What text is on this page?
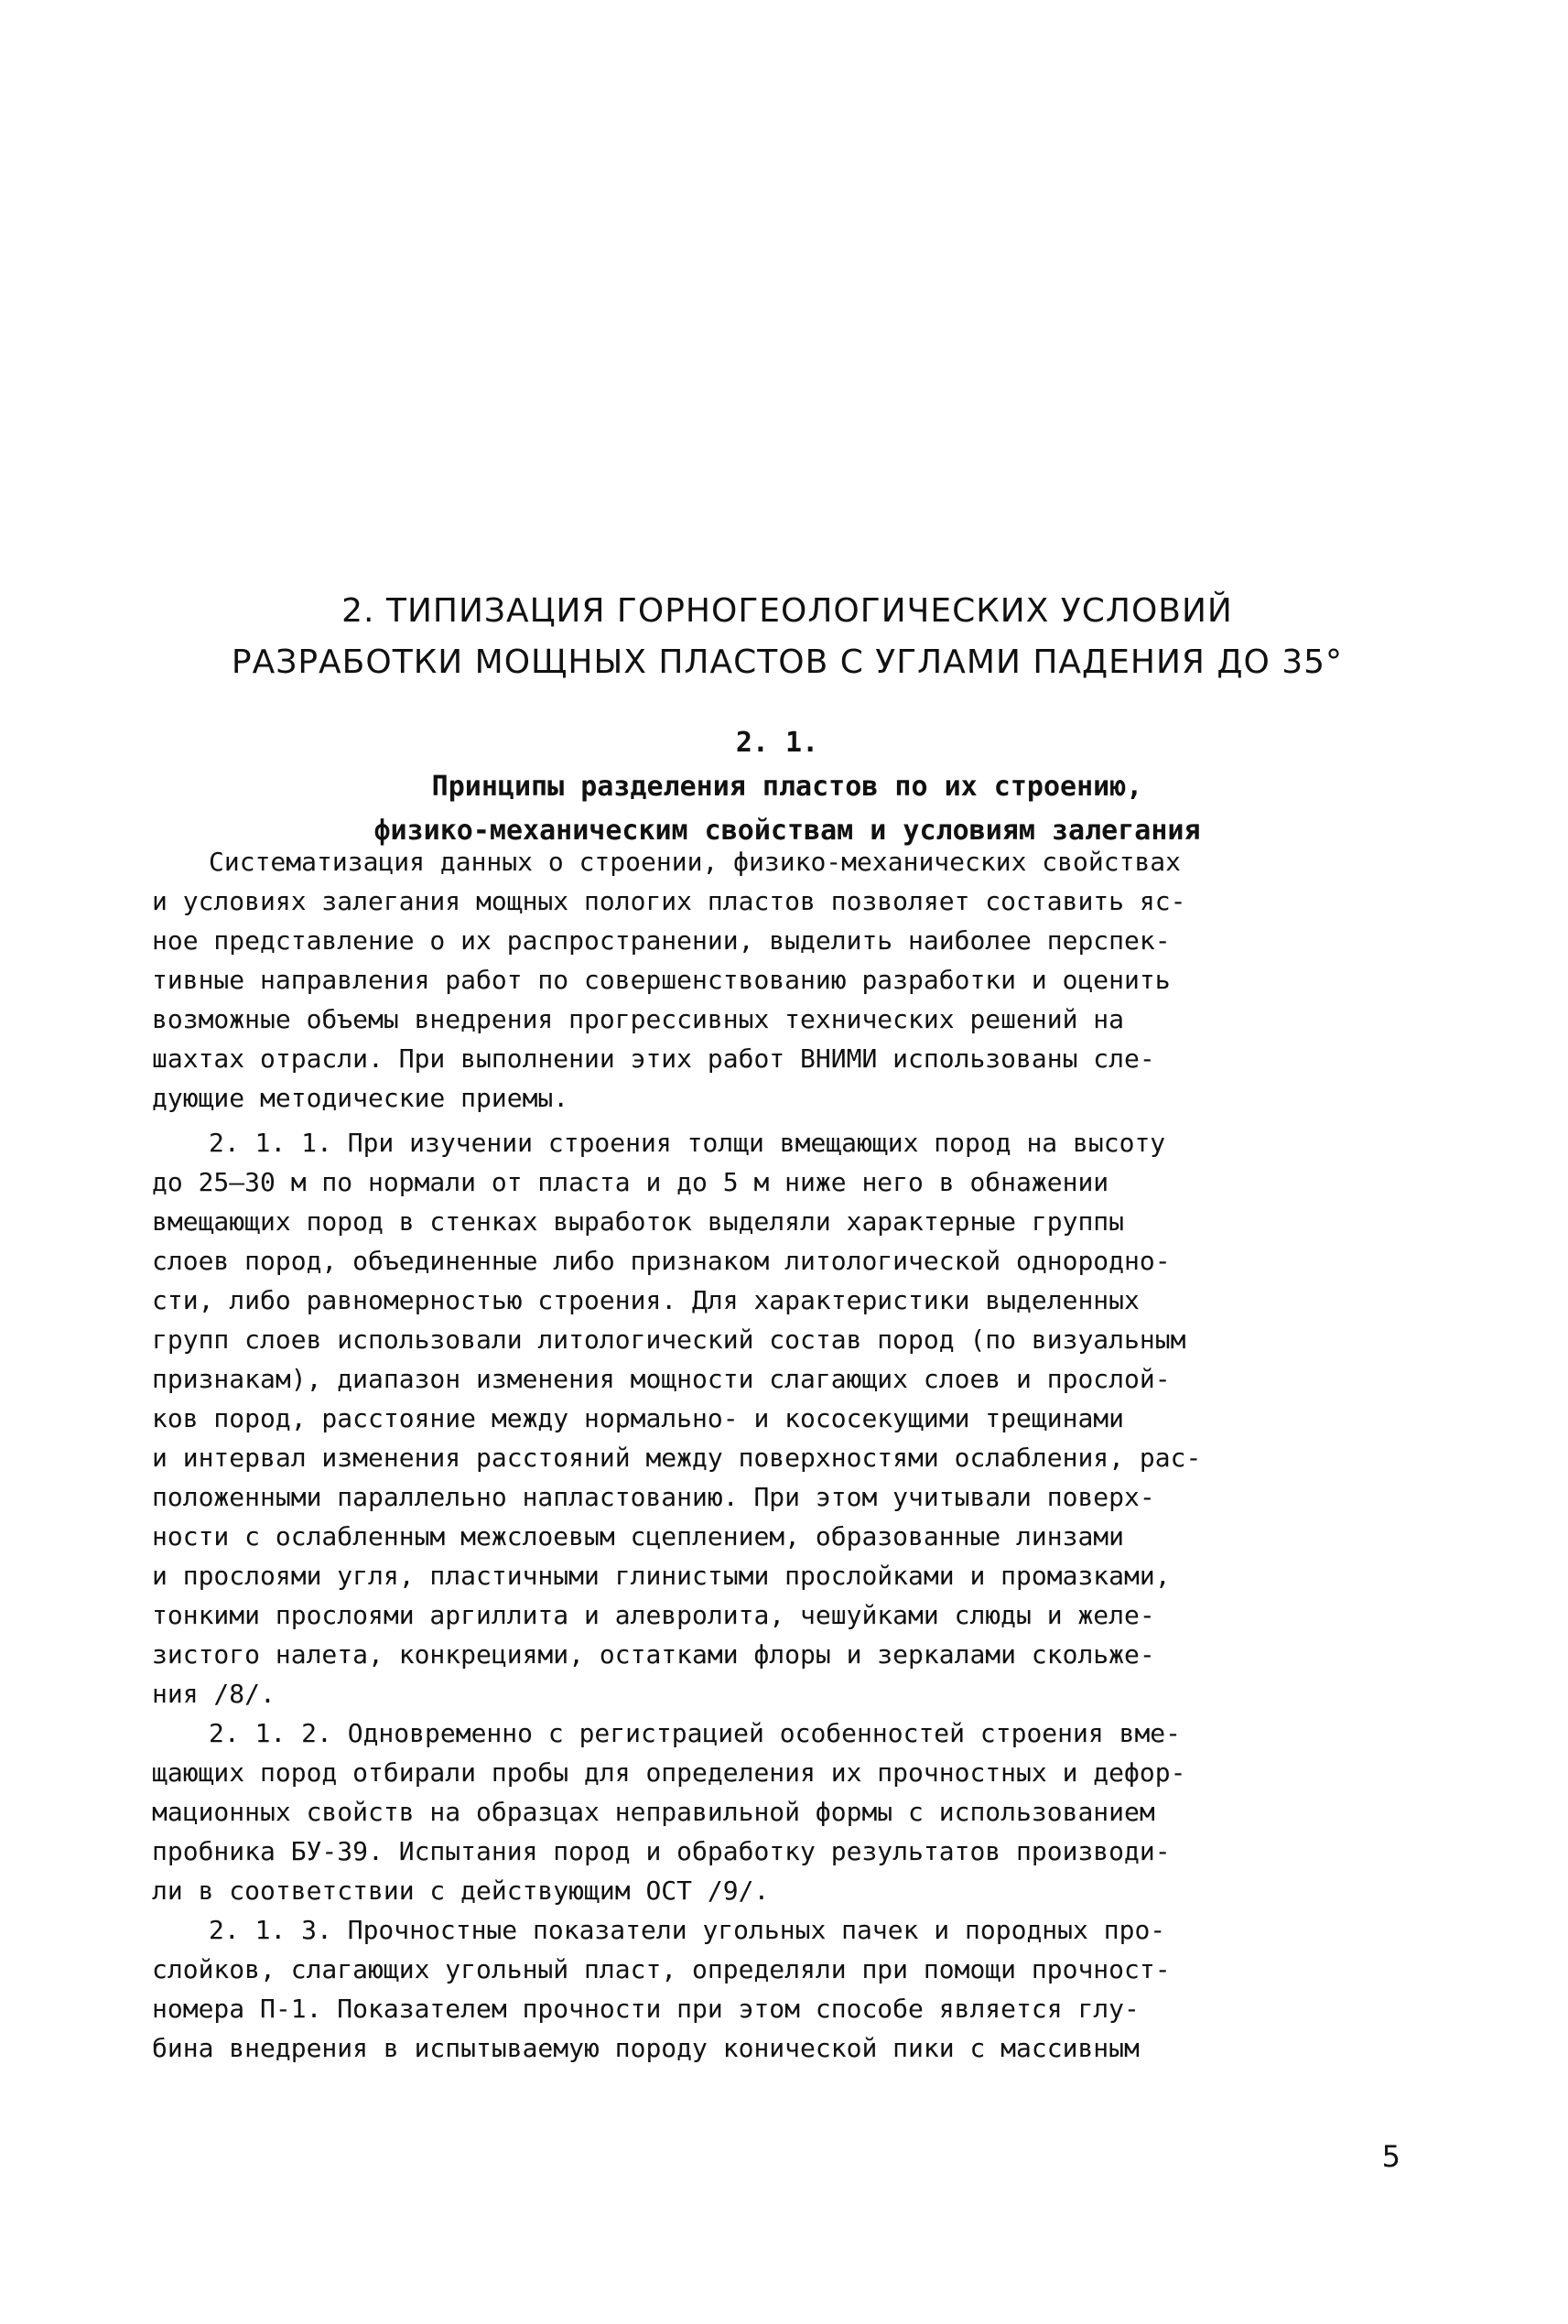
2. ТИПИЗАЦИЯ ГОРНОГЕОЛОГИЧЕСКИХ УСЛОВИЙ
РАЗРАБОТКИ МОЩНЫХ ПЛАСТОВ С УГЛАМИ ПАДЕНИЯ ДО 35°
2. 1.
Принципы разделения пластов по их строению,
физико-механическим свойствам и условиям залегания
Систематизация данных о строении, физико-механических свойствах
и условиях залегания мощных пологих пластов позволяет составить яс-
ное представление о их распространении, выделить наиболее перспек-
тивные направления работ по совершенствованию разработки и оценить
возможные объемы внедрения прогрессивных технических решений на
шахтах отрасли. При выполнении этих работ ВНИМИ использованы сле-
дующие методические приемы.
2. 1. 1. При изучении строения толщи вмещающих пород на высоту
до 25–30 м по нормали от пласта и до 5 м ниже него в обнажении
вмещающих пород в стенках выработок выделяли характерные группы
слоев пород, объединенные либо признаком литологической однородно-
сти, либо равномерностью строения. Для характеристики выделенных
групп слоев использовали литологический состав пород (по визуальным
признакам), диапазон изменения мощности слагающих слоев и прослой-
ков пород, расстояние между нормально- и кососекущими трещинами
и интервал изменения расстояний между поверхностями ослабления, рас-
положенными параллельно напластованию. При этом учитывали поверх-
ности с ослабленным межслоевым сцеплением, образованные линзами
и прослоями угля, пластичными глинистыми прослойками и промазками,
тонкими прослоями аргиллита и алевролита, чешуйками слюды и желе-
зистого налета, конкрециями, остатками флоры и зеркалами скольже-
ния /8/.
2. 1. 2. Одновременно с регистрацией особенностей строения вме-
щающих пород отбирали пробы для определения их прочностных и дефор-
мационных свойств на образцах неправильной формы с использованием
пробника БУ-39. Испытания пород и обработку результатов производи-
ли в соответствии с действующим ОСТ /9/.
2. 1. 3. Прочностные показатели угольных пачек и породных про-
слойков, слагающих угольный пласт, определяли при помощи прочност-
номера П-1. Показателем прочности при этом способе является глу-
бина внедрения в испытываемую породу конической пики с массивным
5
